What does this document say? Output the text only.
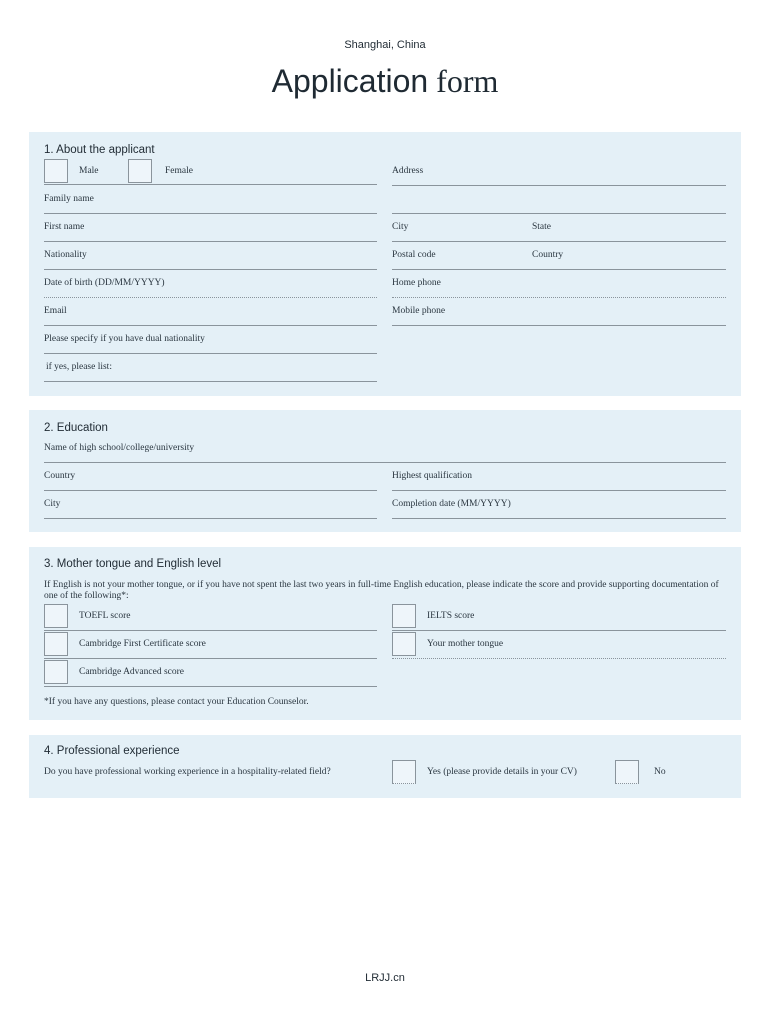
Shanghai, China
Application form
1. About the applicant
Male	Female	Address
Family name
First name	City	State
Nationality	Postal code	Country
Date of birth (DD/MM/YYYY)	Home phone
Email	Mobile phone
Please specify if you have dual nationality
if yes, please list:
2. Education
Name of high school/college/university
Country	Highest qualification
City	Completion date (MM/YYYY)
3. Mother tongue and English level
If English is not your mother tongue, or if you have not spent the last two years in full-time English education, please indicate the score and provide supporting documentation of one of the following*:
TOEFL score	IELTS score
Cambridge First Certificate score	Your mother tongue
Cambridge Advanced score
*If you have any questions, please contact your Education Counselor.
4. Professional experience
Do you have professional working experience in a hospitality-related field?	Yes (please provide details in your CV)	No
LRJJ.cn
